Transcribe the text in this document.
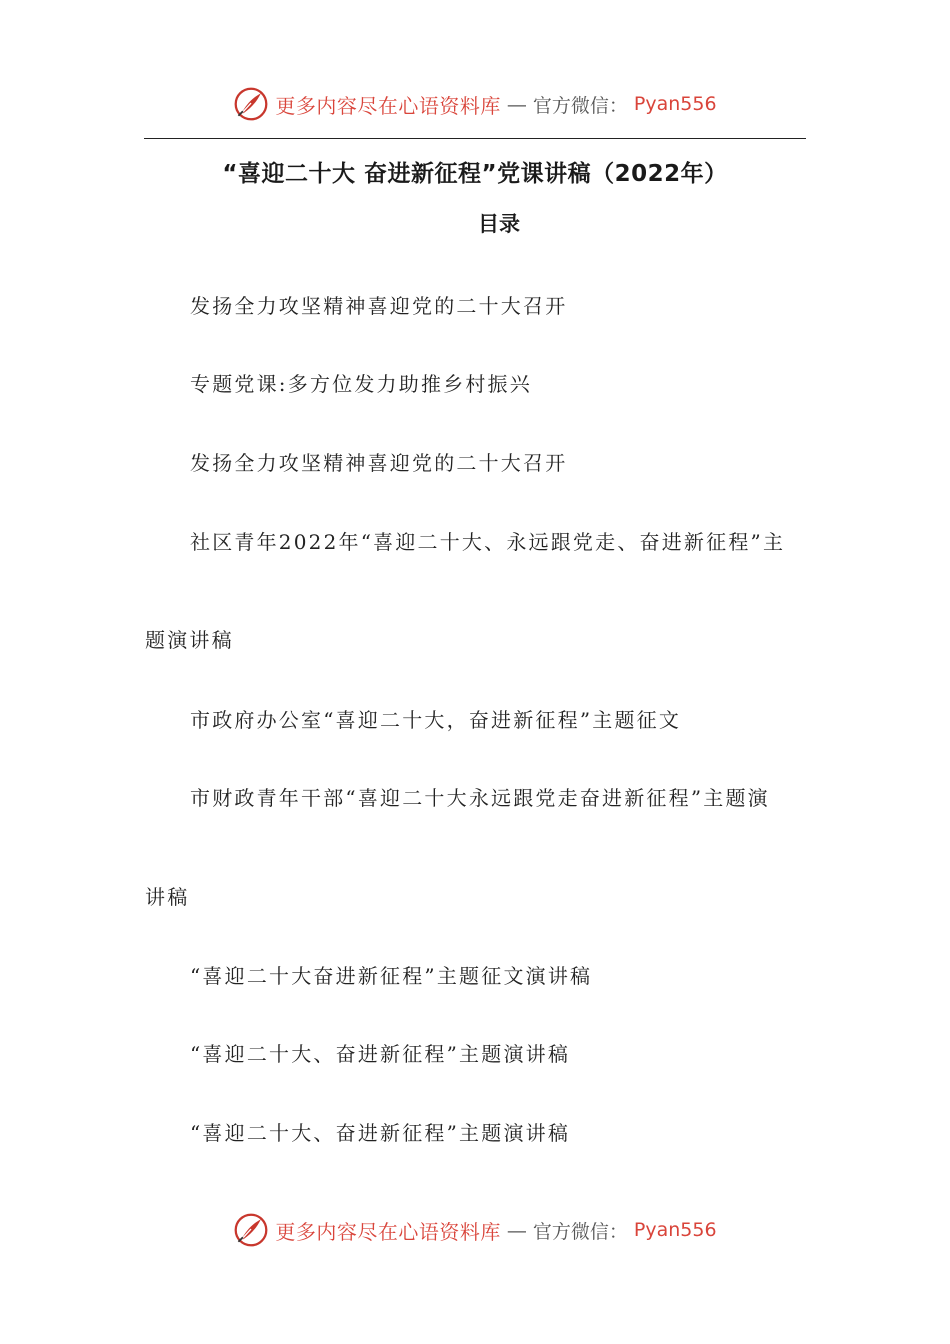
更多内容尽在心语资料库 — 官方微信： Pyan556
“喜迎二十大 奋进新征程”党课讲稿（2022年）
目录
发扬全力攻坚精神喜迎党的二十大召开
专题党课:多方位发力助推乡村振兴
发扬全力攻坚精神喜迎党的二十大召开
社区青年2022年“喜迎二十大、永远跟党走、奋进新征程”主
题演讲稿
市政府办公室“喜迎二十大，奋进新征程”主题征文
市财政青年干部“喜迎二十大永远跟党走奋进新征程”主题演
讲稿
“喜迎二十大奋进新征程”主题征文演讲稿
“喜迎二十大、奋进新征程”主题演讲稿
“喜迎二十大、奋进新征程”主题演讲稿
更多内容尽在心语资料库 — 官方微信： Pyan556
